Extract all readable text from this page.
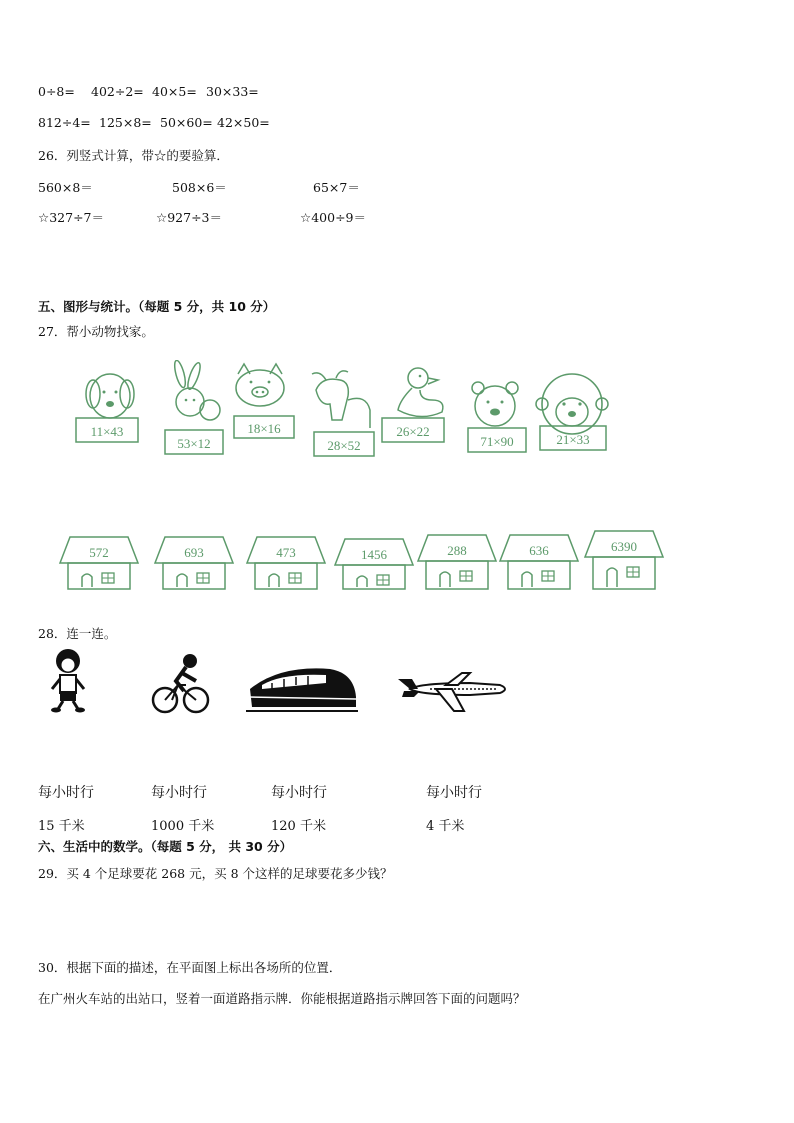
0÷8= 402÷2= 40×5= 30×33=
812÷4= 125×8= 50×60= 42×50=
26．列竖式计算，带☆的要验算．
560×8＝	508×6＝	65×7＝
☆327÷7＝	☆927÷3＝	☆400÷9＝
五、图形与统计。（每题 5 分，共 10 分）
27．帮小动物找家。
11×43
53×12
18×16
28×52
26×22
71×90	21×33
572	693	473	1456	288	636	6390
28．连一连。
每小时行	每小时行	每小时行	每小时行
15 千米	1000 千米	120 千米	4 千米
六、生活中的数学。（每题 5 分， 共 30 分）
29．买 4 个足球要花 268 元，买 8 个这样的足球要花多少钱？
30．根据下面的描述，在平面图上标出各场所的位置．
在广州火车站的出站口，竖着一面道路指示牌．你能根据道路指示牌回答下面的问题吗？
